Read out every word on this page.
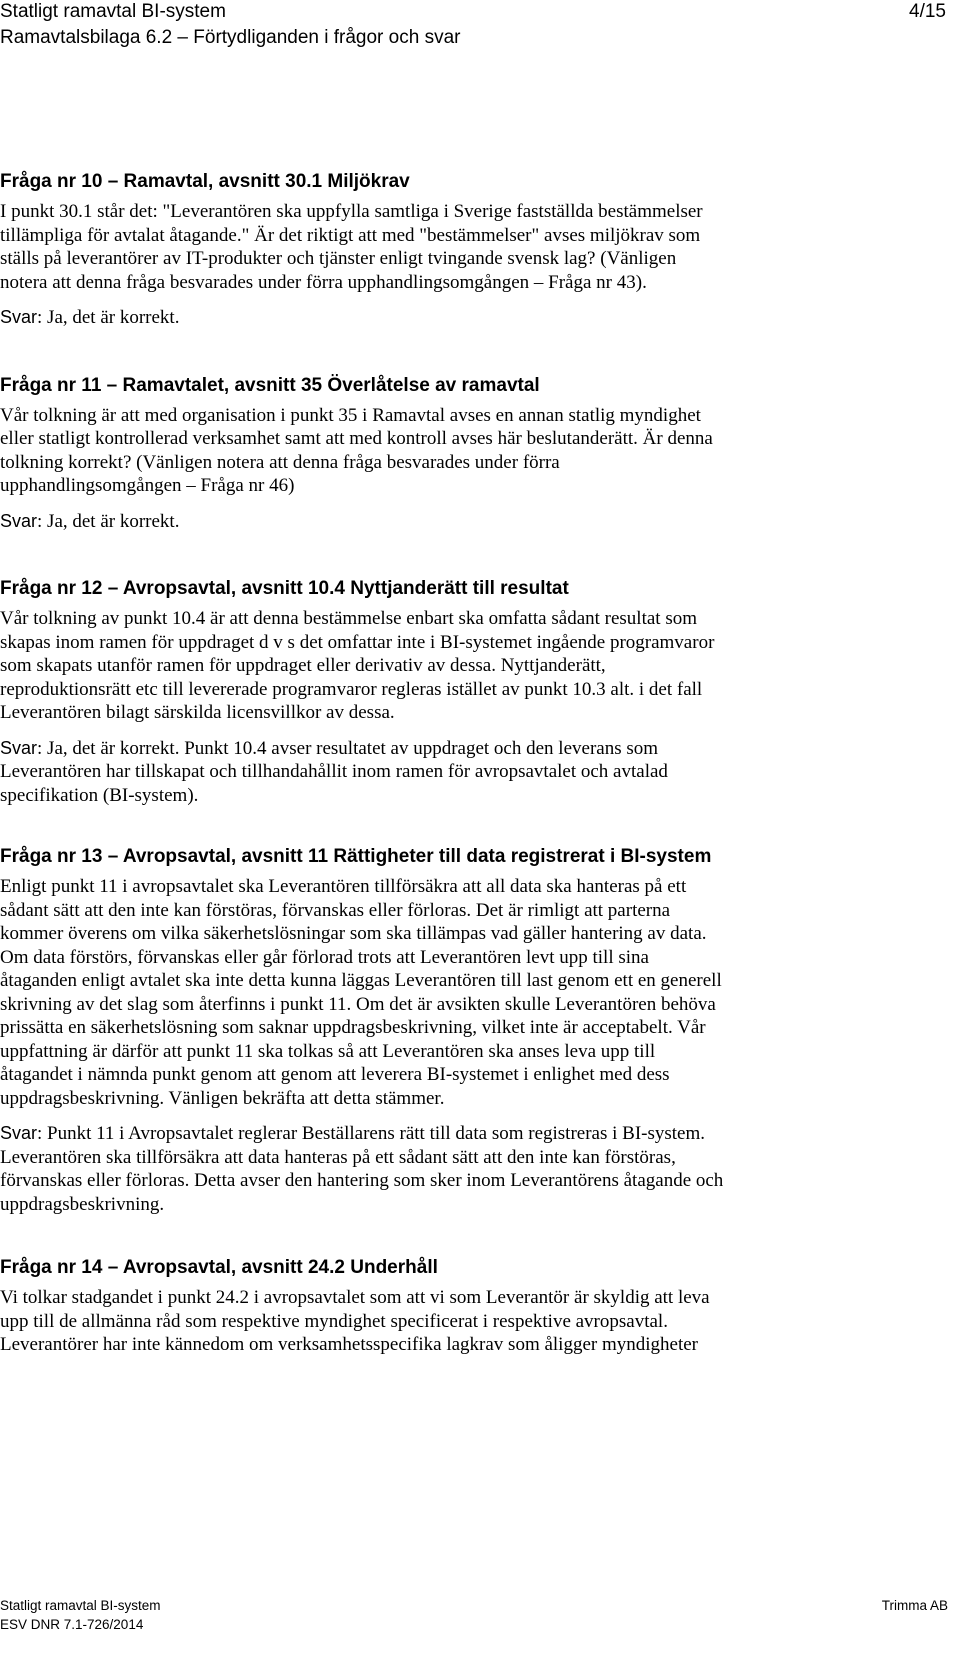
Statligt ramavtal BI-system	4/15
Ramavtalsbilaga 6.2 – Förtydliganden i frågor och svar
Fråga nr 10 – Ramavtal, avsnitt 30.1 Miljökrav
I punkt 30.1 står det: "Leverantören ska uppfylla samtliga i Sverige fastställda bestämmelser
tillämpliga för avtalat åtagande." Är det riktigt att med "bestämmelser" avses miljökrav som
ställs på leverantörer av IT-produkter och tjänster enligt tvingande svensk lag? (Vänligen
notera att denna fråga besvarades under förra upphandlingsomgången – Fråga nr 43).
Svar: Ja, det är korrekt.
Fråga nr 11 – Ramavtalet, avsnitt 35 Överlåtelse av ramavtal
Vår tolkning är att med organisation i punkt 35 i Ramavtal avses en annan statlig myndighet
eller statligt kontrollerad verksamhet samt att med kontroll avses här beslutanderätt. Är denna
tolkning korrekt? (Vänligen notera att denna fråga besvarades under förra
upphandlingsomgången – Fråga nr 46)
Svar: Ja, det är korrekt.
Fråga nr 12 – Avropsavtal, avsnitt 10.4 Nyttjanderätt till resultat
Vår tolkning av punkt 10.4 är att denna bestämmelse enbart ska omfatta sådant resultat som
skapas inom ramen för uppdraget d v s det omfattar inte i BI-systemet ingående programvaror
som skapats utanför ramen för uppdraget eller derivativ av dessa. Nyttjanderätt,
reproduktionsrätt etc till levererade programvaror regleras istället av punkt 10.3 alt. i det fall
Leverantören bilagt särskilda licensvillkor av dessa.
Svar: Ja, det är korrekt. Punkt 10.4 avser resultatet av uppdraget och den leverans som
Leverantören har tillskapat och tillhandahållit inom ramen för avropsavtalet och avtalad
specifikation (BI-system).
Fråga nr 13 – Avropsavtal, avsnitt 11 Rättigheter till data registrerat i BI-system
Enligt punkt 11 i avropsavtalet ska Leverantören tillförsäkra att all data ska hanteras på ett
sådant sätt att den inte kan förstöras, förvanskas eller förloras. Det är rimligt att parterna
kommer överens om vilka säkerhetslösningar som ska tillämpas vad gäller hantering av data.
Om data förstörs, förvanskas eller går förlorad trots att Leverantören levt upp till sina
åtaganden enligt avtalet ska inte detta kunna läggas Leverantören till last genom ett en generell
skrivning av det slag som återfinns i punkt 11. Om det är avsikten skulle Leverantören behöva
prissätta en säkerhetslösning som saknar uppdragsbeskrivning, vilket inte är acceptabelt. Vår
uppfattning är därför att punkt 11 ska tolkas så att Leverantören ska anses leva upp till
åtagandet i nämnda punkt genom att genom att leverera BI-systemet i enlighet med dess
uppdragsbeskrivning. Vänligen bekräfta att detta stämmer.
Svar: Punkt 11 i Avropsavtalet reglerar Beställarens rätt till data som registreras i BI-system.
Leverantören ska tillförsäkra att data hanteras på ett sådant sätt att den inte kan förstöras,
förvanskas eller förloras. Detta avser den hantering som sker inom Leverantörens åtagande och
uppdragsbeskrivning.
Fråga nr 14 – Avropsavtal, avsnitt 24.2 Underhåll
Vi tolkar stadgandet i punkt 24.2 i avropsavtalet som att vi som Leverantör är skyldig att leva
upp till de allmänna råd som respektive myndighet specificerat i respektive avropsavtal.
Leverantörer har inte kännedom om verksamhetsspecifika lagkrav som åligger myndigheter
Statligt ramavtal BI-system	Trimma AB
ESV DNR 7.1-726/2014
